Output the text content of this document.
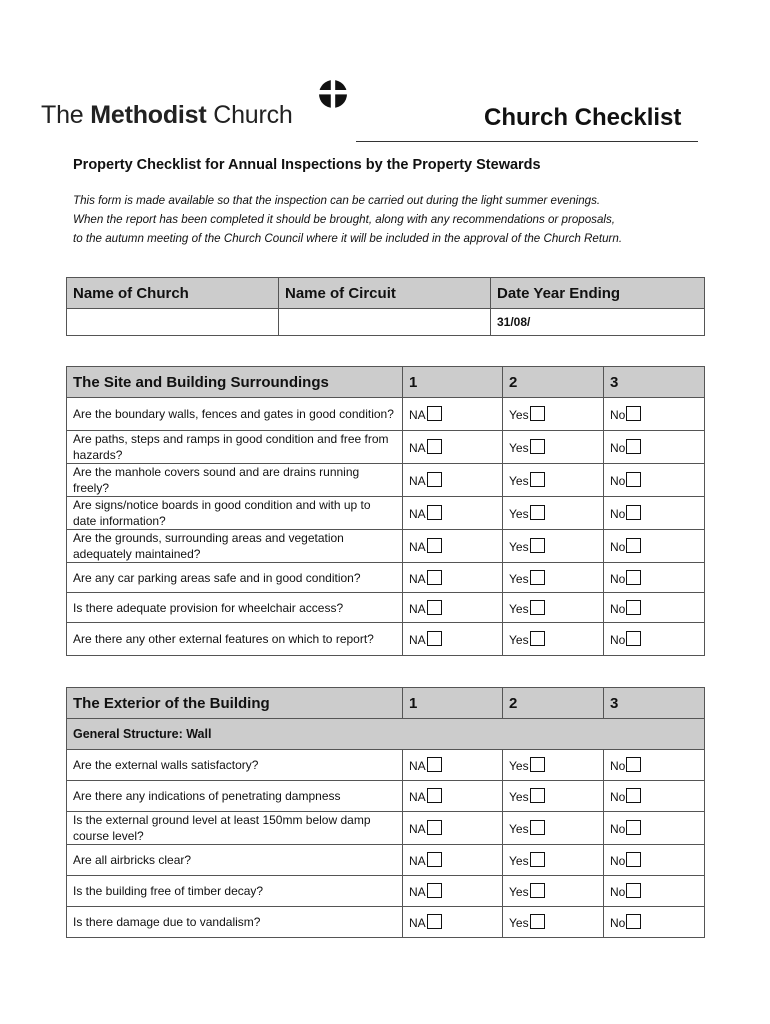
The Methodist Church	Church Checklist
Property Checklist for Annual Inspections by the Property Stewards
This form is made available so that the inspection can be carried out during the light summer evenings.
When the report has been completed it should be brought, along with any recommendations or proposals,
to the autumn meeting of the Church Council where it will be included in the approval of the Church Return.
Name of Church	Name of Circuit	Date Year Ending
		31/08/
The Site and Building Surroundings	1	2	3
Are the boundary walls, fences and gates in good condition?	NA	Yes	No
Are paths, steps and ramps in good condition and free from hazards?	NA	Yes	No
Are the manhole covers sound and are drains running freely?	NA	Yes	No
Are signs/notice boards in good condition and with up to date information?	NA	Yes	No
Are the grounds, surrounding areas and vegetation adequately maintained?	NA	Yes	No
Are any car parking areas safe and in good condition?	NA	Yes	No
Is there adequate provision for wheelchair access?	NA	Yes	No
Are there any other external features on which to report?	NA	Yes	No
The Exterior of the Building	1	2	3
General Structure: Wall			
Are the external walls satisfactory?	NA	Yes	No
Are there any indications of penetrating dampness	NA	Yes	No
Is the external ground level at least 150mm below damp course level?	NA	Yes	No
Are all airbricks clear?	NA	Yes	No
Is the building free of timber decay?	NA	Yes	No
Is there damage due to vandalism?	NA	Yes	No
